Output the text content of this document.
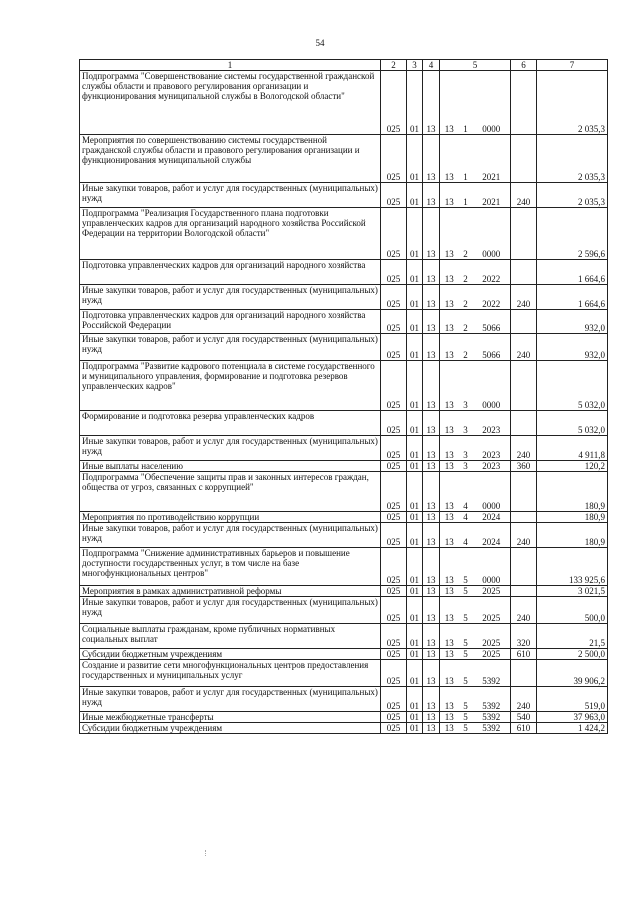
54
1	2	3	4	5			6	7
Подпрограмма "Совершенствование системы государственной гражданской службы области и правового регулирования организации и функционирования муниципальной службы в Вологодской области"	025	01	13	13	1	0000		2 035,3
Мероприятия по совершенствованию системы государственной гражданской службы области и правового регулирования организации и функционирования муниципальной службы	025	01	13	13	1	2021		2 035,3
Иные закупки товаров, работ и услуг для государственных (муниципальных) нужд	025	01	13	13	1	2021	240	2 035,3
Подпрограмма "Реализация Государственного плана подготовки управленческих кадров для организаций народного хозяйства Российской Федерации на территории Вологодской области"	025	01	13	13	2	0000		2 596,6
Подготовка управленческих кадров для организаций народного хозяйства	025	01	13	13	2	2022		1 664,6
Иные закупки товаров, работ и услуг для государственных (муниципальных) нужд	025	01	13	13	2	2022	240	1 664,6
Подготовка управленческих кадров для организаций народного хозяйства Российской Федерации	025	01	13	13	2	5066		932,0
Иные закупки товаров, работ и услуг для государственных (муниципальных) нужд	025	01	13	13	2	5066	240	932,0
Подпрограмма "Развитие кадрового потенциала в системе государственного и муниципального управления, формирование и подготовка резервов управленческих кадров"	025	01	13	13	3	0000		5 032,0
Формирование и подготовка резерва управленческих кадров	025	01	13	13	3	2023		5 032,0
Иные закупки товаров, работ и услуг для государственных (муниципальных) нужд	025	01	13	13	3	2023	240	4 911,8
Иные выплаты населению	025	01	13	13	3	2023	360	120,2
Подпрограмма "Обеспечение защиты прав и законных интересов граждан, общества от угроз, связанных с коррупцией"	025	01	13	13	4	0000		180,9
Мероприятия по противодействию коррупции	025	01	13	13	4	2024		180,9
Иные закупки товаров, работ и услуг для государственных (муниципальных) нужд	025	01	13	13	4	2024	240	180,9
Подпрограмма "Снижение административных барьеров и повышение доступности государственных услуг, в том числе на базе многофункциональных центров"	025	01	13	13	5	0000		133 925,6
Мероприятия в рамках административной реформы	025	01	13	13	5	2025		3 021,5
Иные закупки товаров, работ и услуг для государственных (муниципальных) нужд	025	01	13	13	5	2025	240	500,0
Социальные выплаты гражданам, кроме публичных нормативных социальных выплат	025	01	13	13	5	2025	320	21,5
Субсидии бюджетным учреждениям	025	01	13	13	5	2025	610	2 500,0
Создание и развитие сети многофункциональных центров предоставления государственных и муниципальных услуг	025	01	13	13	5	5392		39 906,2
Иные закупки товаров, работ и услуг для государственных (муниципальных) нужд	025	01	13	13	5	5392	240	519,0
Иные межбюджетные трансферты	025	01	13	13	5	5392	540	37 963,0
Субсидии бюджетным учреждениям	025	01	13	13	5	5392	610	1 424,2
